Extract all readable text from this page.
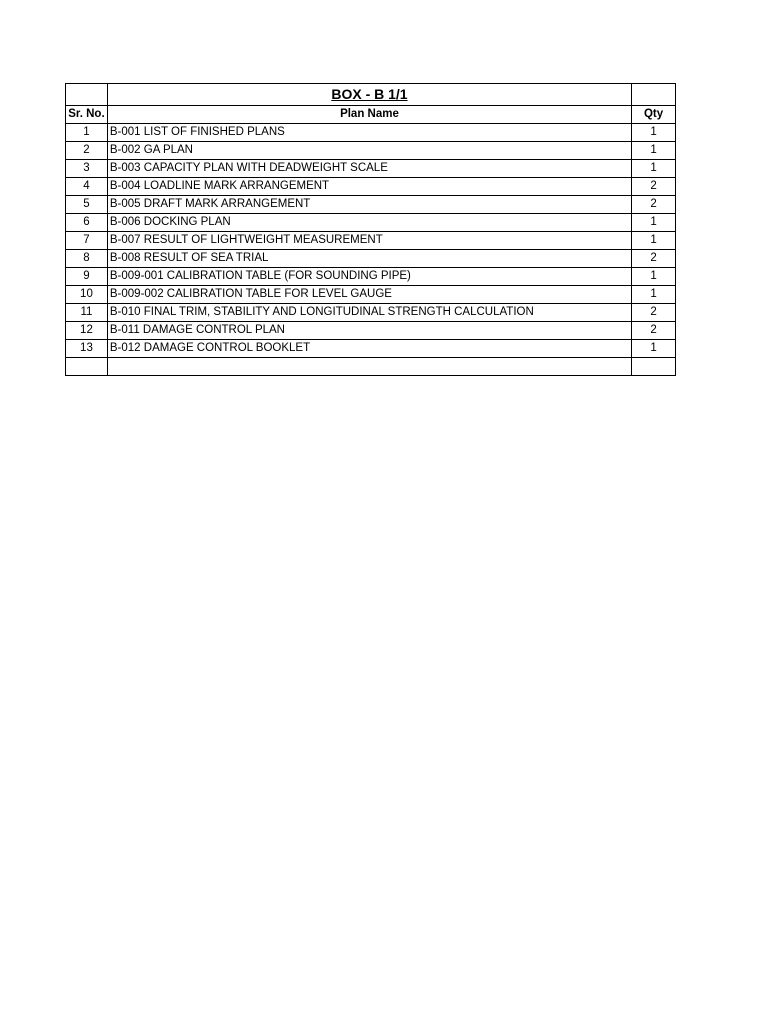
	BOX - B 1/1	
Sr. No.	Plan Name	Qty
1	B-001 LIST OF FINISHED PLANS	1
2	B-002 GA PLAN	1
3	B-003 CAPACITY PLAN WITH DEADWEIGHT SCALE	1
4	B-004 LOADLINE MARK ARRANGEMENT	2
5	B-005 DRAFT MARK ARRANGEMENT	2
6	B-006 DOCKING PLAN	1
7	B-007 RESULT OF LIGHTWEIGHT MEASUREMENT	1
8	B-008 RESULT OF SEA TRIAL	2
9	B-009-001 CALIBRATION TABLE (FOR SOUNDING PIPE)	1
10	B-009-002 CALIBRATION TABLE FOR LEVEL GAUGE	1
11	B-010 FINAL TRIM, STABILITY AND LONGITUDINAL STRENGTH CALCULATION	2
12	B-011 DAMAGE CONTROL PLAN	2
13	B-012 DAMAGE CONTROL BOOKLET	1
